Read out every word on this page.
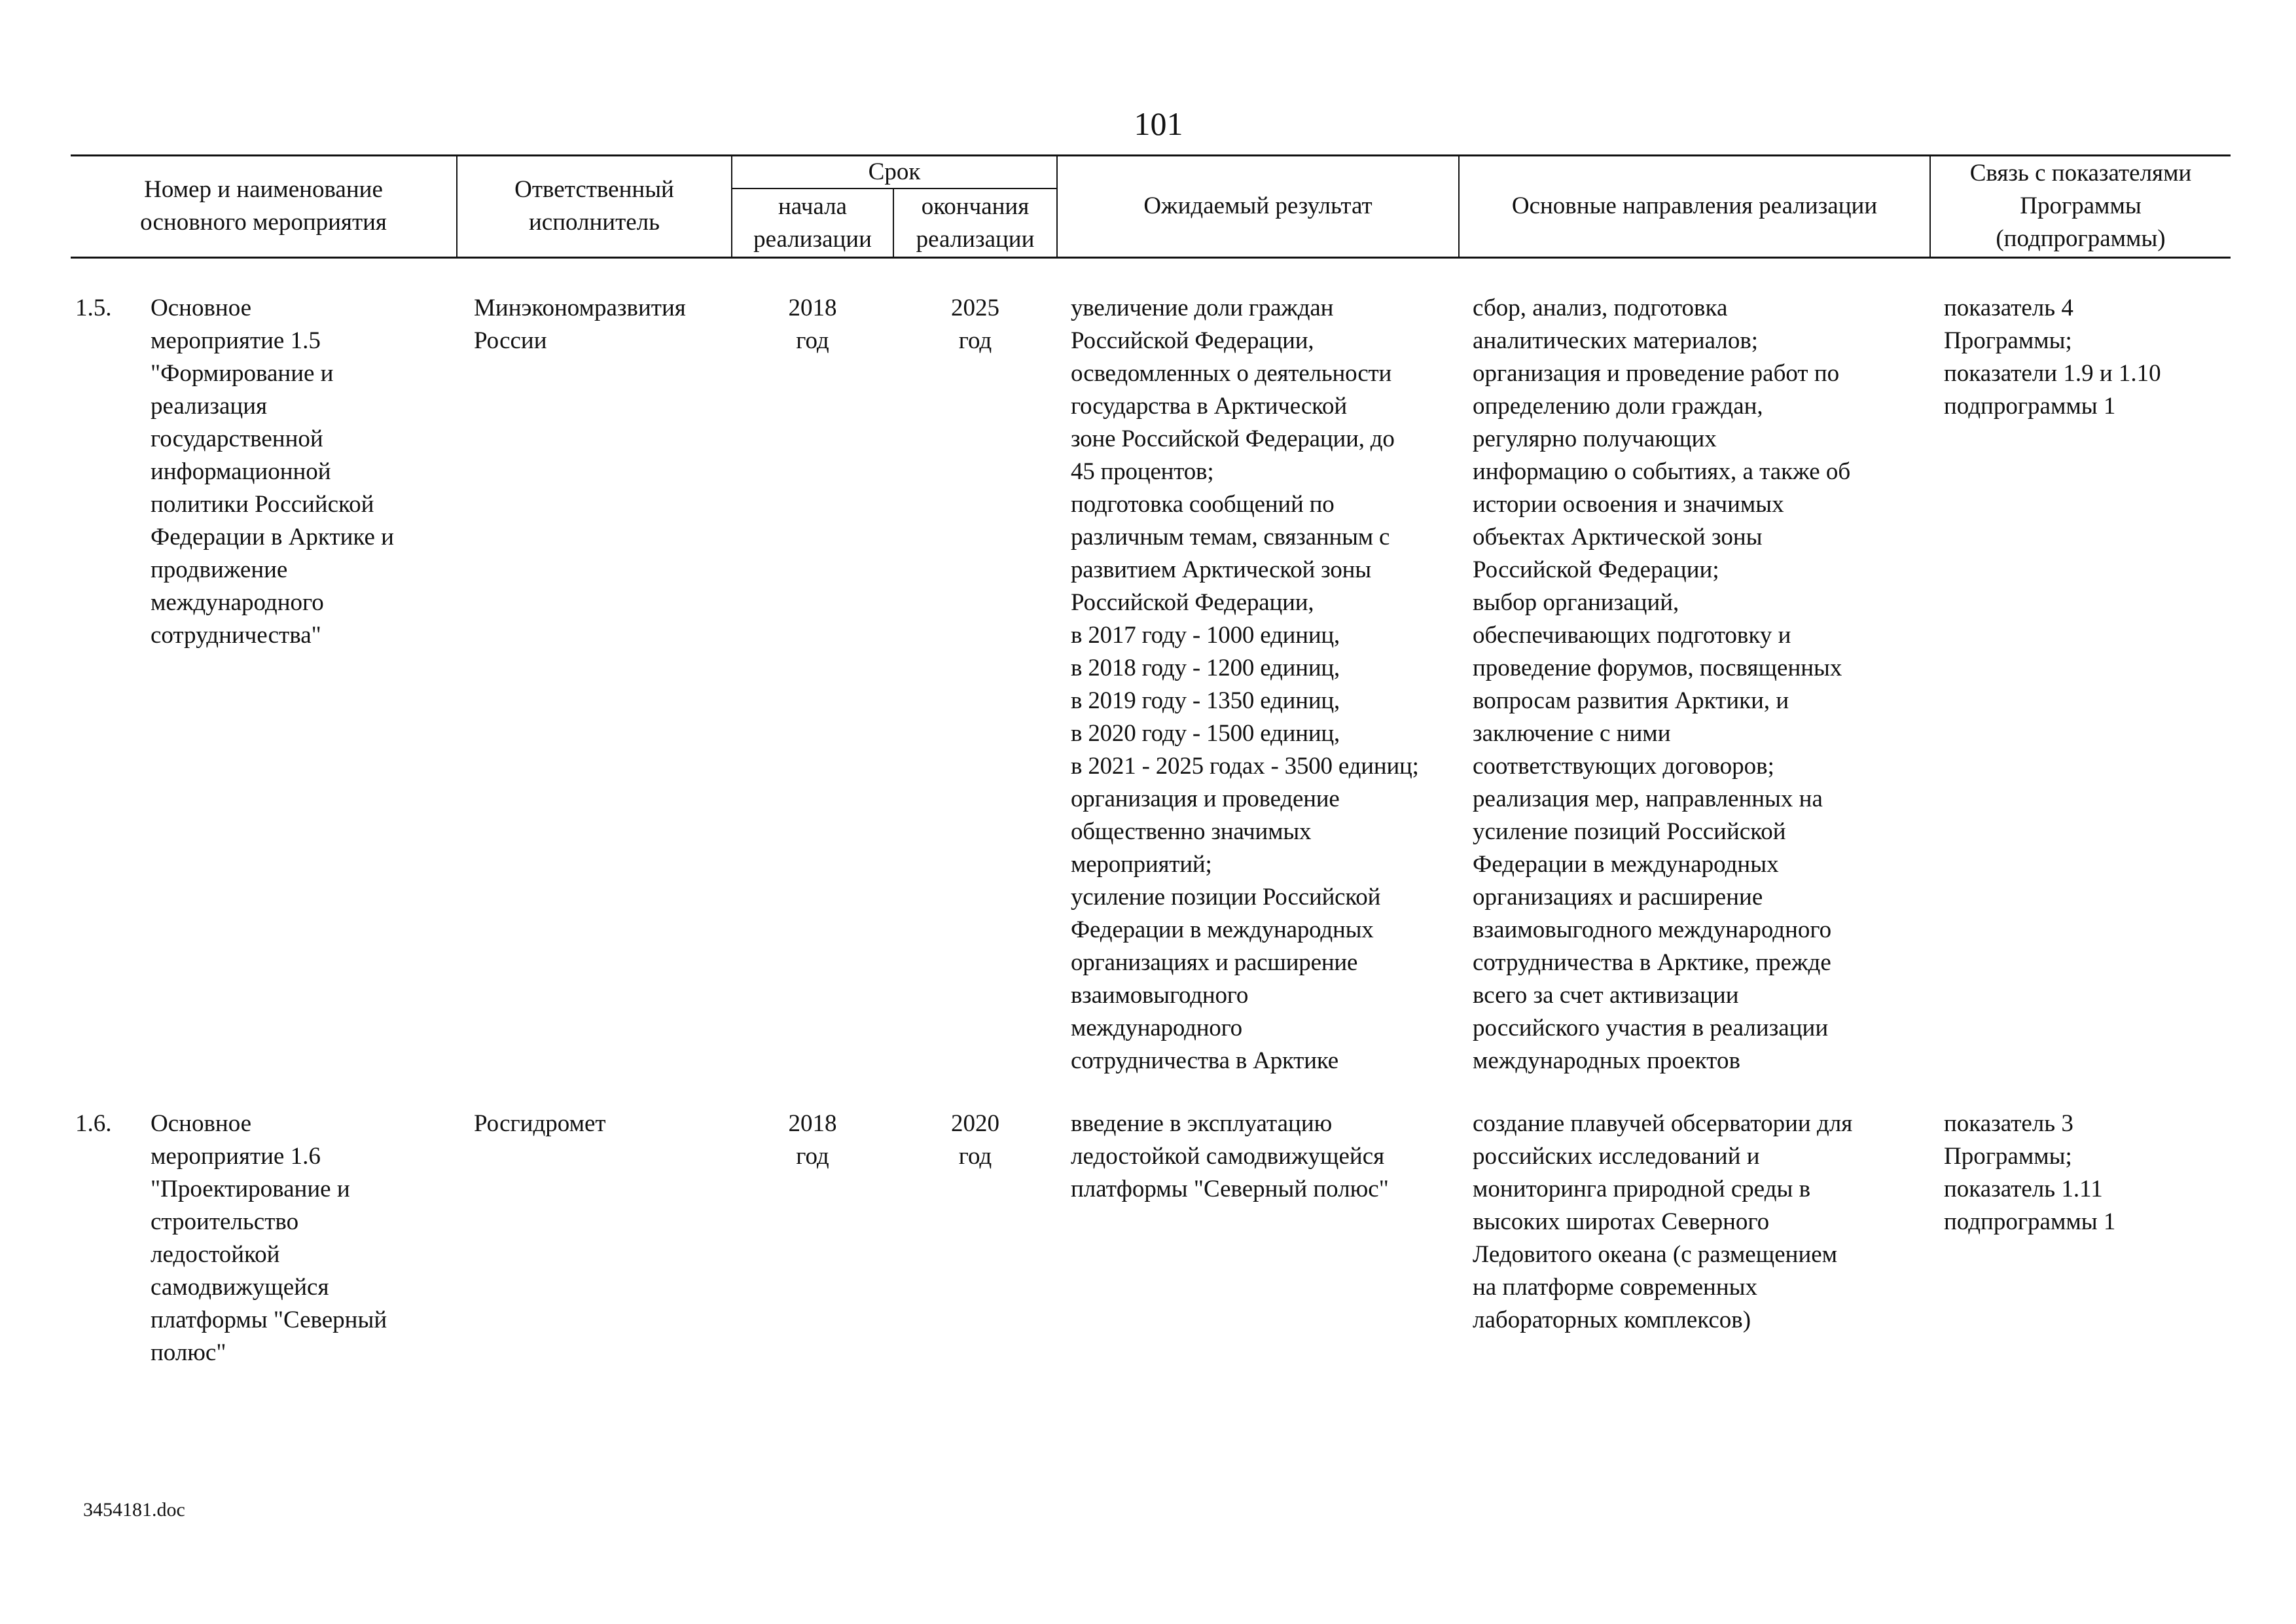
101
Номер и наименование
основного мероприятия
Ответственный
исполнитель
Срок
начала
реализации
окончания
реализации
Ожидаемый результат	Основные направления реализации
Связь с показателями
Программы
(подпрограммы)
1.5. Основное
мероприятие 1.5
"Формирование и
реализация
государственной
информационной
политики Российской
Федерации в Арктике и
продвижение
международного
сотрудничества"
Минэкономразвития
России
2018
год
2025
год
увеличение доли граждан
Российской Федерации,
осведомленных о деятельности
государства в Арктической
зоне Российской Федерации, до
45 процентов;
подготовка сообщений по
различным темам, связанным с
развитием Арктической зоны
Российской Федерации,
в 2017 году - 1000 единиц,
в 2018 году - 1200 единиц,
в 2019 году - 1350 единиц,
в 2020 году - 1500 единиц,
в 2021 - 2025 годах - 3500 единиц;
организация и проведение
общественно значимых
мероприятий;
усиление позиции Российской
Федерации в международных
организациях и расширение
взаимовыгодного
международного
сотрудничества в Арктике
сбор, анализ, подготовка
аналитических материалов;
организация и проведение работ по
определению доли граждан,
регулярно получающих
информацию о событиях, а также об
истории освоения и значимых
объектах Арктической зоны
Российской Федерации;
выбор организаций,
обеспечивающих подготовку и
проведение форумов, посвященных
вопросам развития Арктики, и
заключение с ними
соответствующих договоров;
реализация мер, направленных на
усиление позиций Российской
Федерации в международных
организациях и расширение
взаимовыгодного международного
сотрудничества в Арктике, прежде
всего за счет активизации
российского участия в реализации
международных проектов
показатель 4
Программы;
показатели 1.9 и 1.10
подпрограммы 1
1.6. Основное
мероприятие 1.6
"Проектирование и
строительство
ледостойкой
самодвижущейся
платформы "Северный
полюс"
Росгидромет	2018
год
2020
год
введение в эксплуатацию
ледостойкой самодвижущейся
платформы "Северный полюс"
создание плавучей обсерватории для
российских исследований и
мониторинга природной среды в
высоких широтах Северного
Ледовитого океана (с размещением
на платформе современных
лабораторных комплексов)
показатель 3
Программы;
показатель 1.11
подпрограммы 1
3454181.doc
